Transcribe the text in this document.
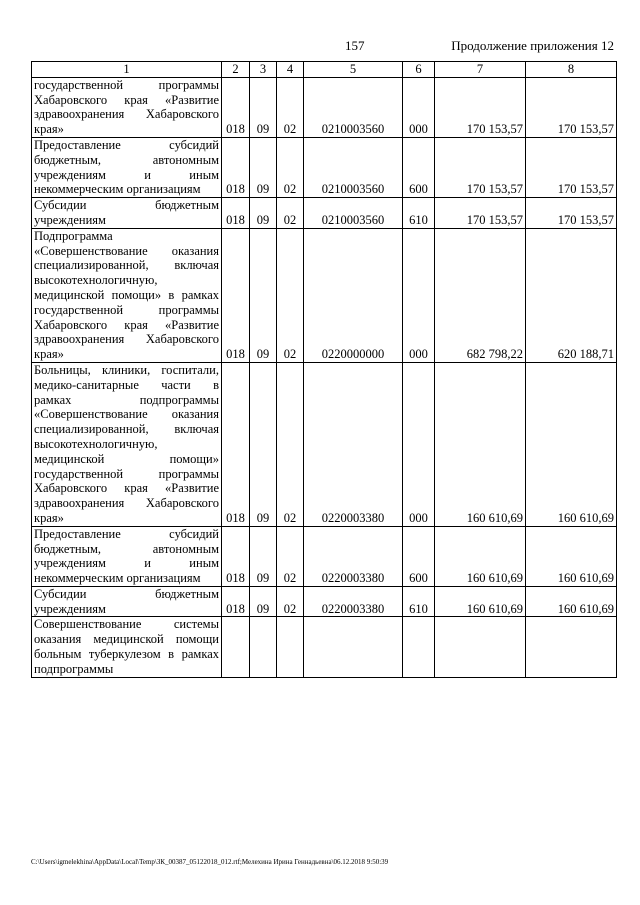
157	Продолжение приложения 12
1	2	3	4	5	6	7	8
государственной программы Хабаровского края «Развитие здравоохранения Хабаровского края»	018	09	02	0210003560	000	170 153,57	170 153,57
Предоставление субсидий бюджетным, автономным учреждениям и иным некоммерческим организациям	018	09	02	0210003560	600	170 153,57	170 153,57
Субсидии бюджетным учреждениям	018	09	02	0210003560	610	170 153,57	170 153,57
Подпрограмма «Совершенствование оказания специализированной, включая высокотехнологичную, медицинской помощи» в рамках государственной программы Хабаровского края «Развитие здравоохранения Хабаровского края»	018	09	02	0220000000	000	682 798,22	620 188,71
Больницы, клиники, госпитали, медико-санитарные части в рамках подпрограммы «Совершенствование оказания специализированной, включая высокотехнологичную, медицинской помощи» государственной программы Хабаровского края «Развитие здравоохранения Хабаровского края»	018	09	02	0220003380	000	160 610,69	160 610,69
Предоставление субсидий бюджетным, автономным учреждениям и иным некоммерческим организациям	018	09	02	0220003380	600	160 610,69	160 610,69
Субсидии бюджетным учреждениям	018	09	02	0220003380	610	160 610,69	160 610,69
Совершенствование системы оказания медицинской помощи больным туберкулезом в рамках подпрограммы							
C:\Users\igmelekhina\AppData\Local\Temp\ЗК_00387_05122018_012.rtf;Мелехина Ирина Геннадьевна\06.12.2018 9:50:39
